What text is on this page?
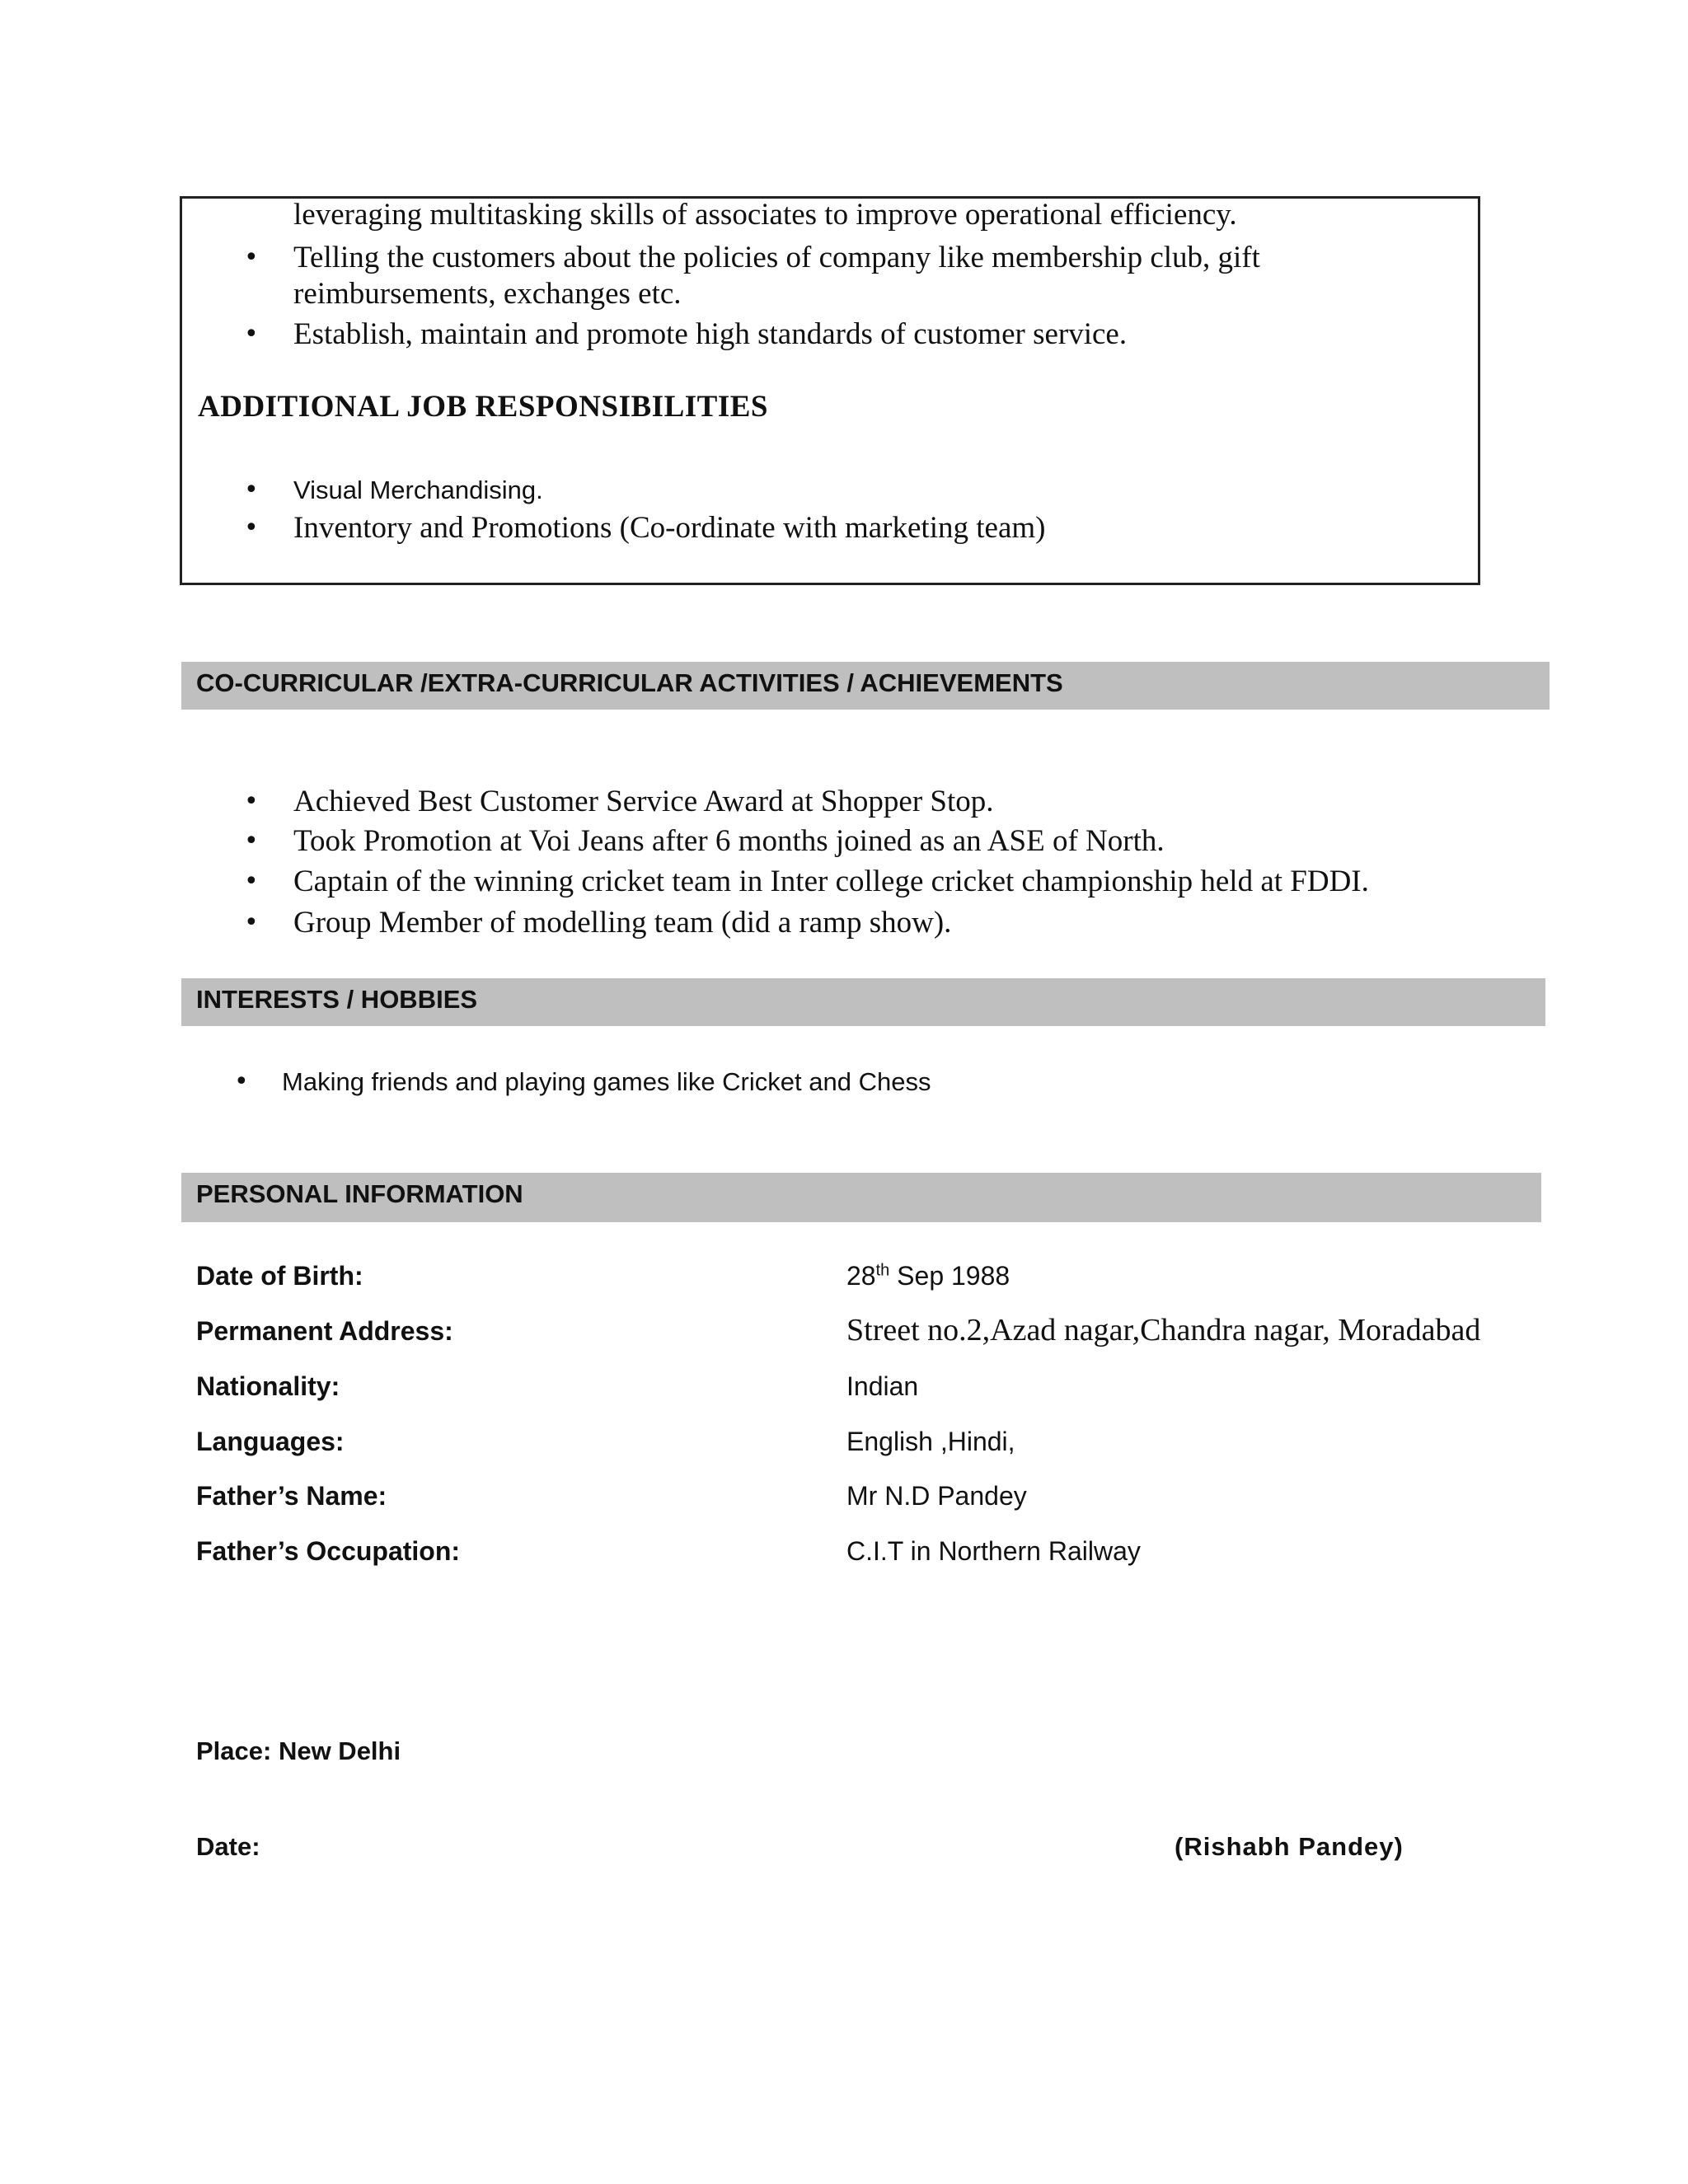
leveraging multitasking skills of associates to improve operational efficiency.
• Telling the customers about the policies of company like membership club, gift
reimbursements, exchanges etc.
• Establish, maintain and promote high standards of customer service.
ADDITIONAL JOB RESPONSIBILITIES
• Visual Merchandising.
• Inventory and Promotions (Co-ordinate with marketing team)
CO-CURRICULAR /EXTRA-CURRICULAR ACTIVITIES / ACHIEVEMENTS
• Achieved Best Customer Service Award at Shopper Stop.
• Took Promotion at Voi Jeans after 6 months joined as an ASE of North.
• Captain of the winning cricket team in Inter college cricket championship held at FDDI.
• Group Member of modelling team (did a ramp show).
INTERESTS / HOBBIES
• Making friends and playing games like Cricket and Chess
PERSONAL INFORMATION
Date of Birth:	28th Sep 1988
Permanent Address:	Street no.2,Azad nagar,Chandra nagar, Moradabad
Nationality:	Indian
Languages:	English ,Hindi,
Father’s Name:	Mr N.D Pandey
Father’s Occupation:	C.I.T in Northern Railway
Place: New Delhi
Date:	(Rishabh Pandey)
